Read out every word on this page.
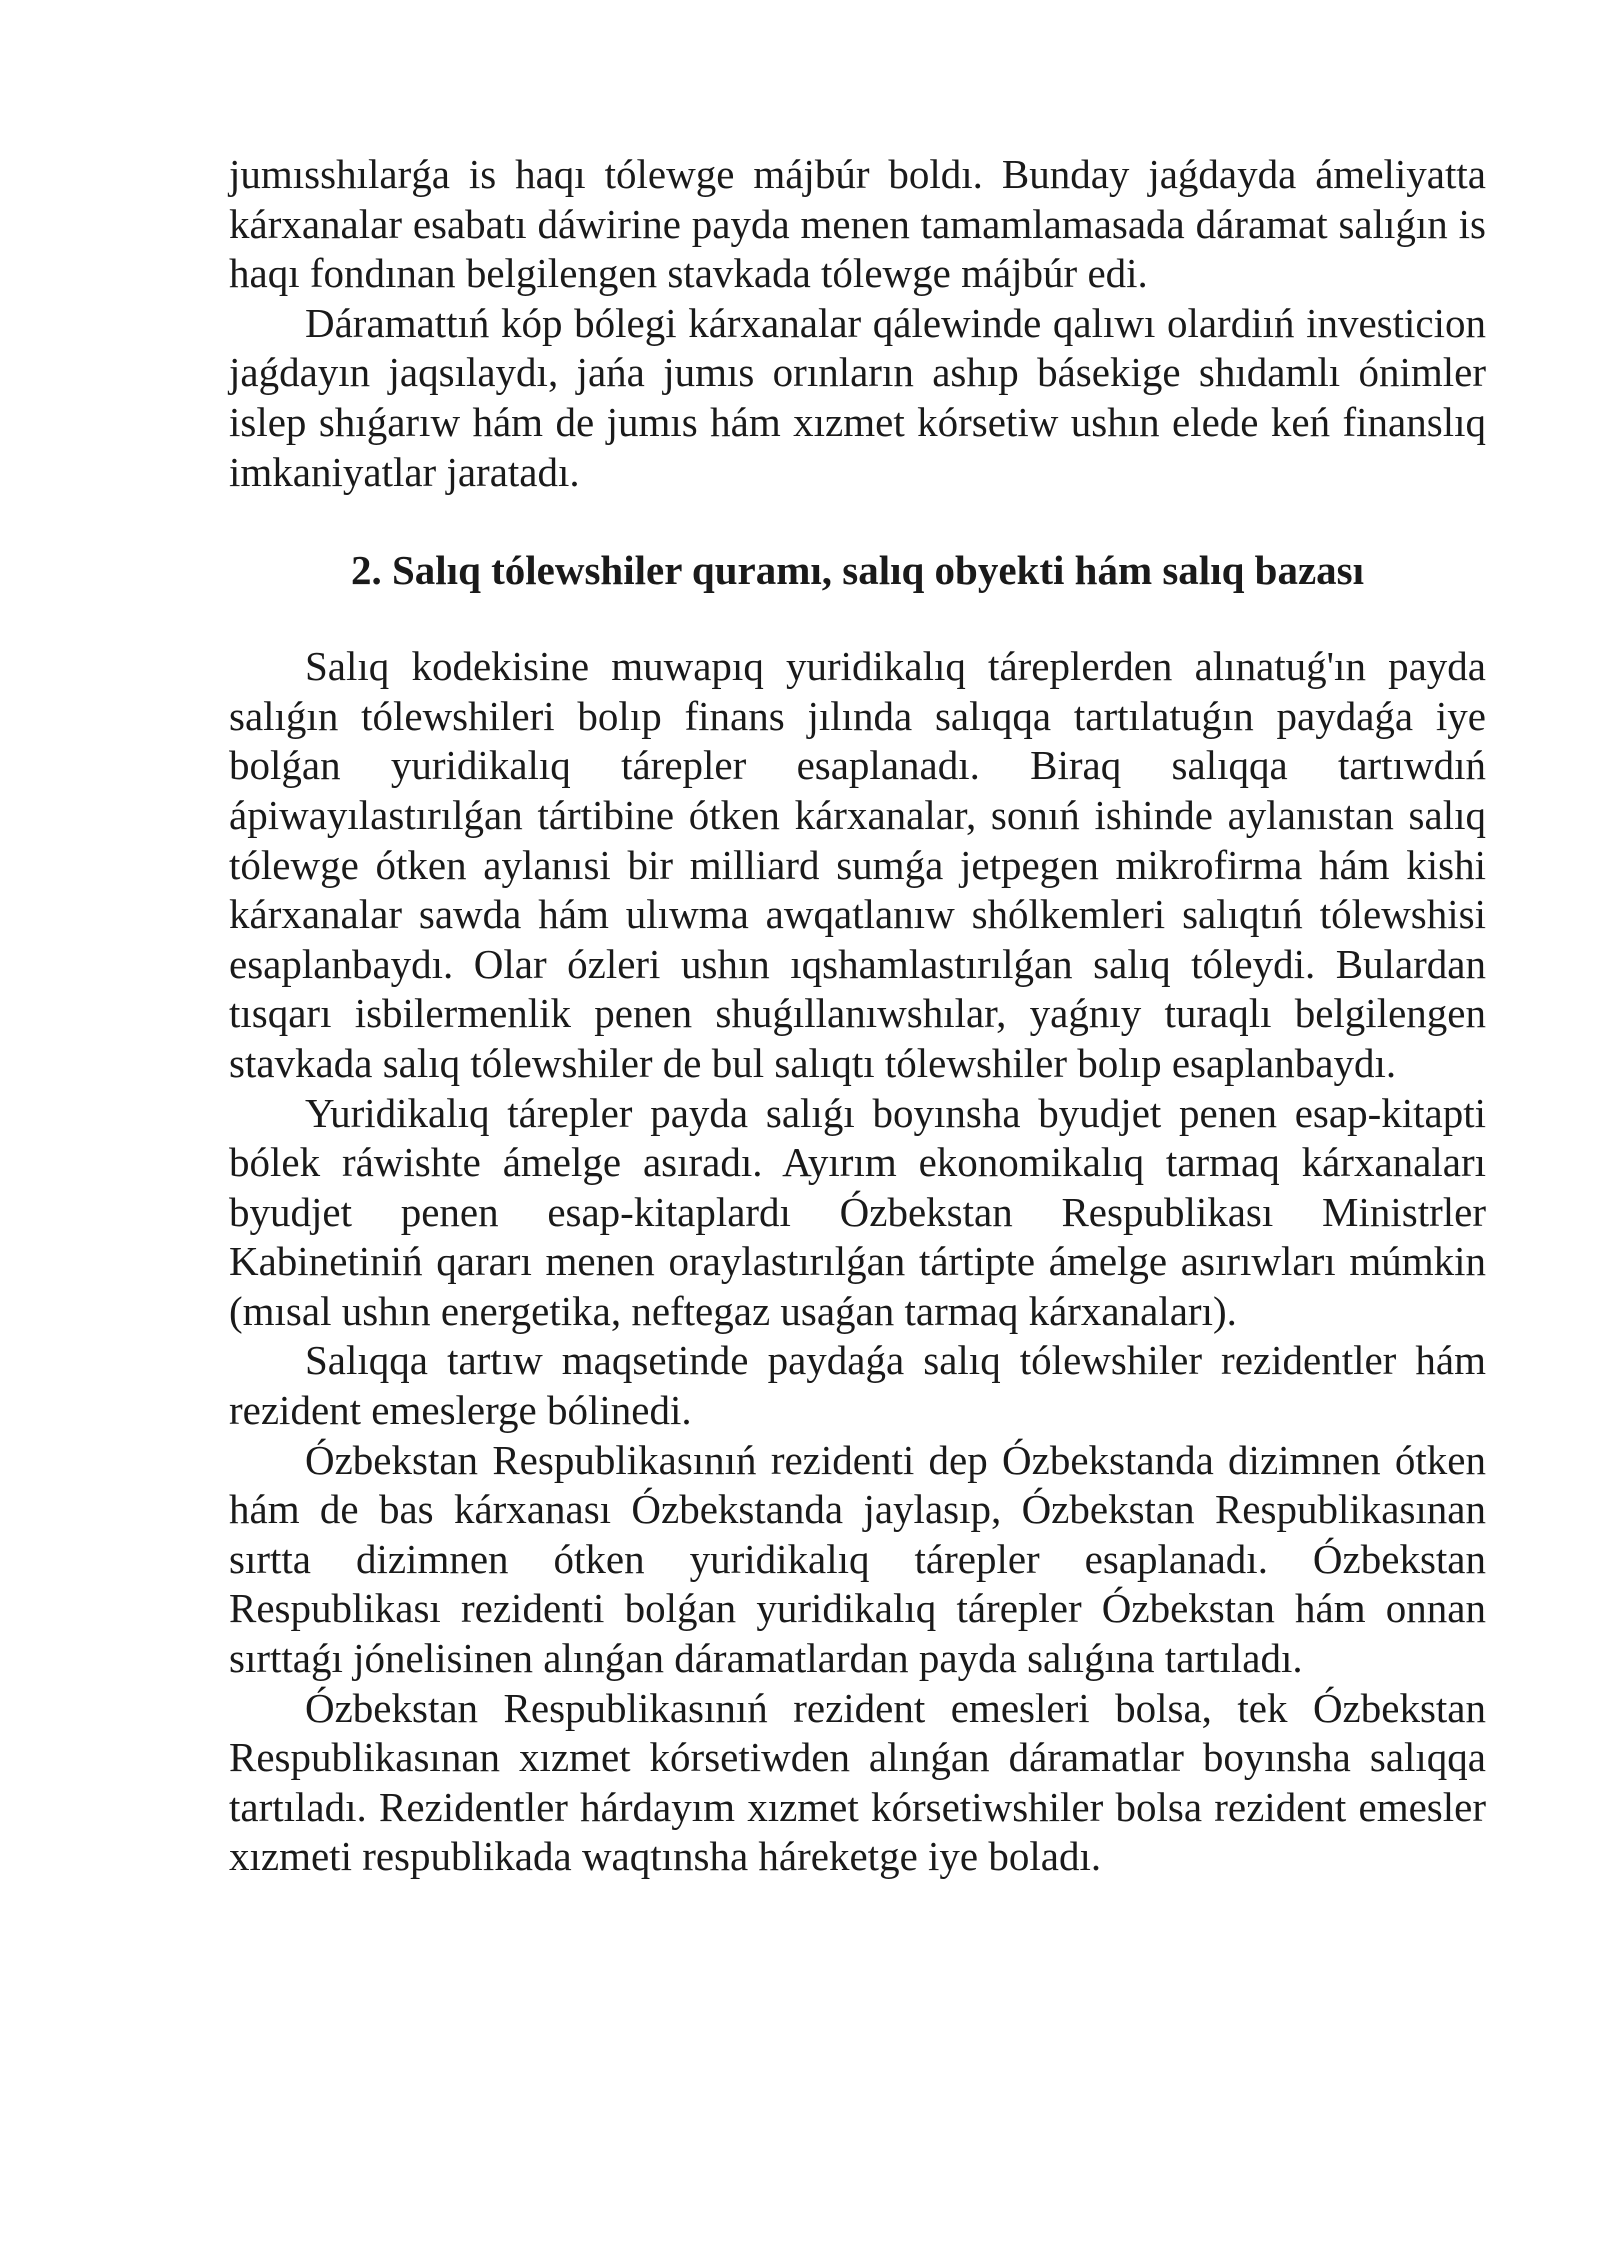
jumısshılarǵa is haqı tólewge májbúr boldı. Bunday jaǵdayda ámeliyatta kárxanalar esabatı dáwirine payda menen tamamlamasada dáramat salıǵın is haqı fondınan belgilengen stavkada tólewge májbúr edi.

Dáramattıń kóp bólegi kárxanalar qálewinde qalıwı olardiıń investicion jaǵdayın jaqsılaydı, jańa jumıs orınların ashıp básekige shıdamlı ónimler islep shıǵarıw hám de jumıs hám xızmet kórsetiw ushın elede keń finanslıq imkaniyatlar jaratadı.

2. Salıq tólewshiler quramı, salıq obyekti hám salıq bazası

Salıq kodekisine muwapıq yuridikalıq táreplerden alınatuǵ'ın payda salıǵın tólewshileri bolıp finans jılında salıqqa tartılatuǵın paydaǵa iye bolǵan yuridikalıq tárepler esaplanadı. Biraq salıqqa tartıwdıń ápiwayılastırılǵan tártibine ótken kárxanalar, sonıń ishinde aylanıstan salıq tólewge ótken aylanısi bir milliard sumǵa jetpegen mikrofirma hám kishi kárxanalar sawda hám ulıwma awqatlanıw shólkemleri salıqtıń tólewshisi esaplanbaydı. Olar ózleri ushın ıqshamlastırılǵan salıq tóleydi. Bulardan tısqarı isbilermenlik penen shuǵıllanıwshılar, yaǵnıy turaqlı belgilengen stavkada salıq tólewshiler de bul salıqtı tólewshiler bolıp esaplanbaydı.

Yuridikalıq tárepler payda salıǵı boyınsha byudjet penen esap-kitapti bólek ráwishte ámelge asıradı. Ayırım ekonomikalıq tarmaq kárxanaları byudjet penen esap-kitaplardı Ózbekstan Respublikası Ministrler Kabinetiniń qararı menen oraylastırılǵan tártipte ámelge asırıwları múmkin (mısal ushın energetika, neftegaz usaǵan tarmaq kárxanaları).

Salıqqa tartıw maqsetinde paydaǵa salıq tólewshiler rezidentler hám rezident emeslerge bólinedi.

Ózbekstan Respublikasınıń rezidenti dep Ózbekstanda dizimnen ótken hám de bas kárxanası Ózbekstanda jaylasıp, Ózbekstan Respublikasınan sırtta dizimnen ótken yuridikalıq tárepler esaplanadı. Ózbekstan Respublikası rezidenti bolǵan yuridikalıq tárepler Ózbekstan hám onnan sırttaǵı jónelisinen alınǵan dáramatlardan payda salıǵına tartıladı.

Ózbekstan Respublikasınıń rezident emesleri bolsa, tek Ózbekstan Respublikasınan xızmet kórsetiwden alınǵan dáramatlar boyınsha salıqqa tartıladı. Rezidentler hárdayım xızmet kórsetiwshiler bolsa rezident emesler xızmeti respublikada waqtınsha háreketge iye boladı.
